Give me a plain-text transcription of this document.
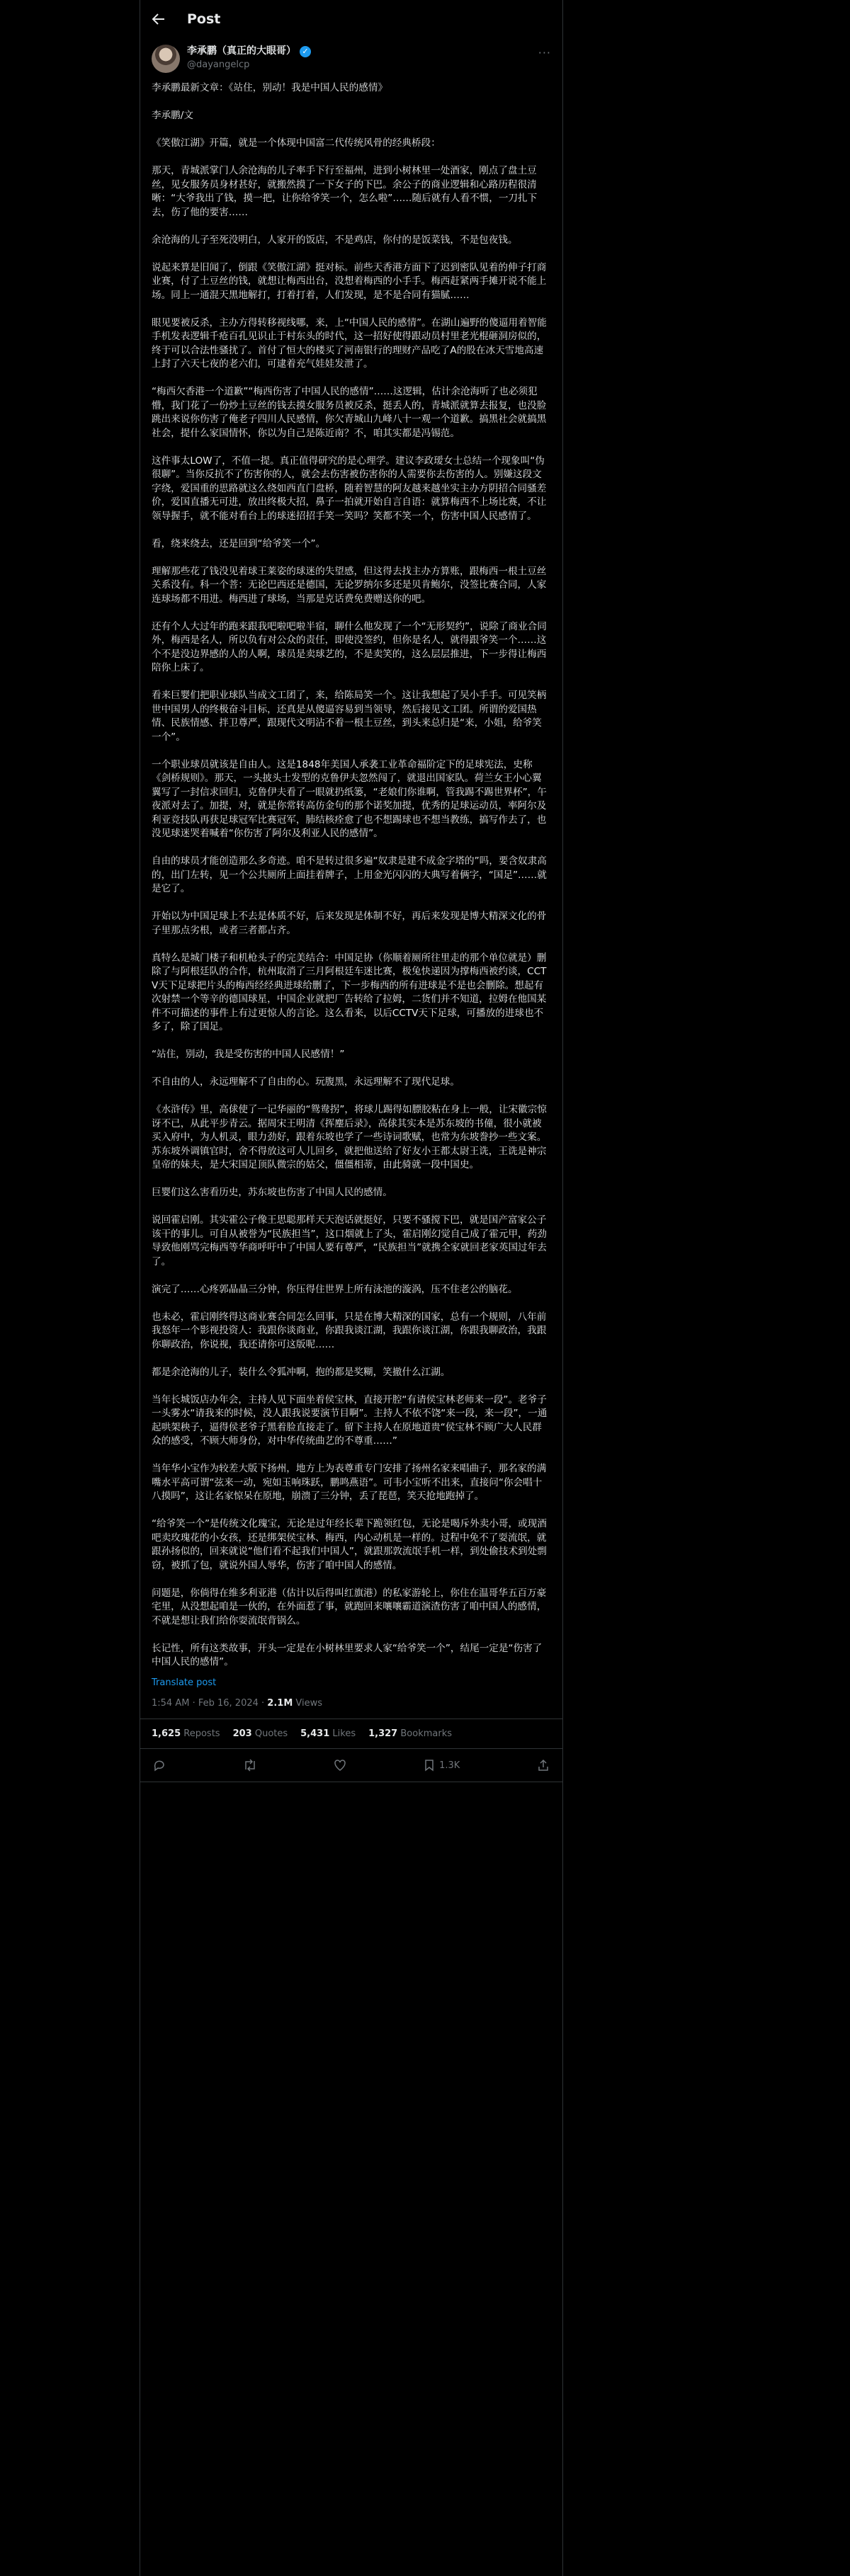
Post
李承鹏（真正的大眼哥） ✓
@dayangelcp
···
李承鹏最新文章：《站住，别动！我是中国人民的感情》
李承鹏/文
《笑傲江湖》开篇，就是一个体现中国富二代传统风骨的经典桥段：
那天，青城派掌门人余沧海的儿子率手下行至福州，进到小树林里一处酒家，刚点了盘土豆丝，见女服务员身材甚好，就搬然摸了一下女子的下巴。余公子的商业逻辑和心路历程很清晰：“大爷我出了钱，摸一把，让你给爷笑一个，怎么啦”……随后就有人看不惯，一刀扎下去，伤了他的要害……
余沧海的儿子至死没明白，人家开的饭店，不是鸡店，你付的是饭菜钱，不是包夜钱。
说起来算是旧闻了，倒跟《笑傲江湖》挺对标。前些天香港方面下了迟到密队见着的伸子打商业赛，付了土豆丝的钱，就想让梅西出台，没想着梅西的小手手。梅西赶紧两手摊开说不能上场。同上一通混天黑地解打，打着打着，人们发现，是不是合同有猫腻……
眼见要被反杀，主办方得转移视线哪，来，上“中国人民的感情”。在湖山遍野的傻逼用着智能手机发表逻辑千疮百孔见识止于村东头的时代，这一招好使得跟动员村里老光棍砸洞房似的，终于可以合法性骚扰了。首付了恒大的楼买了河南银行的理财产品吃了A的股在冰天雪地高速上封了六天七夜的老六们，可逮着充气娃娃发泄了。
“梅西欠香港一个道歉”“梅西伤害了中国人民的感情”……这逻辑，估计余沧海听了也必须犯懵，我门花了一份炒土豆丝的钱去摸女服务员被反杀，挺丢人的，青城派就算去报复，也没脸跳出来说你伤害了俺老子四川人民感情，你欠青城山九峰八十一观一个道歉。搞黑社会就搞黑社会，提什么家国情怀，你以为自己是陈近南？不，咱其实都是冯锡范。
这件事太LOW了，不值一提。真正值得研究的是心理学。建议李政瑷女士总结一个现象叫“伪很聊”。当你反抗不了伤害你的人，就会去伤害被伤害你的人需要你去伤害的人。别嫌这段文字绕，爱国重的思路就这么绕如西直门盘桥，随着智慧的阿友越来越坐实主办方阴招合同骚差价，爱国直播无可进，放出终极大招，鼻子一拍就开始自言自语：就算梅西不上场比赛，不让领导握手，就不能对看台上的球迷招招手笑一笑吗？笑都不笑一个，伤害中国人民感情了。
看，绕来绕去，还是回到“给爷笑一个”。
理解那些花了钱没见着球王莱姿的球迷的失望感，但这得去找主办方算账，跟梅西一根土豆丝关系没有。科一个菩：无论巴西还是德国，无论罗纳尔多还是贝肯鲍尔，没签比赛合同，人家连球场都不用进。梅西进了球场，当那是克话费免费赠送你的吧。
还有个人大过年的跑来跟我吧啦吧啦半宿，聊什么他发现了一个“无形契约”，说除了商业合同外，梅西是名人，所以负有对公众的责任，即使没签约，但你是名人，就得跟爷笑一个……这个不是没边界感的人的人啊，球员是卖球艺的，不是卖笑的，这么层层推进，下一步得让梅西陪你上床了。
看来巨婴们把职业球队当成文工团了，来，给陈局笑一个。这让我想起了吴小手手。可见笑柄世中国男人的终极奋斗目标，还真是从傻逼容易到当领导，然后接见文工团。所谓的爱国热情、民族情感、拌卫尊严，跟现代文明沾不着一根土豆丝，到头来总归是“来，小姐，给爷笑一个”。
一个职业球员就该是自由人。这是1848年美国人承袭工业革命福阶定下的足球宪法，史称《剑桥规则》。那天，一头披头士发型的克鲁伊夫忽然闯了，就退出国家队。荷兰女王小心翼翼写了一封信求回归，克鲁伊夫看了一眼就扔纸篓，“老娘们你谁啊，管我踢不踢世界杯”，午夜派对去了。加提，对，就是你常转高仿金句的那个诺奖加提，优秀的足球运动员，率阿尔及利亚竞技队再获足球冠军比赛冠军，肺结核痊愈了也不想踢球也不想当教练，搞写作去了，也没见球迷哭着喊着“你伤害了阿尔及利亚人民的感情”。
自由的球员才能创造那么多奇迹。咱不是转过很多遍“奴隶是建不成金字塔的”吗，要含奴隶高的，出门左转，见一个公共厕所上面挂着牌子，上用金光闪闪的大典写着俩字，“国足”……就是它了。
开始以为中国足球上不去是体质不好，后来发现是体制不好，再后来发现是博大精深文化的骨子里那点劣根，或者三者都占齐。
真特么是城门楼子和机枪头子的完美结合：中国足协（你顺着厕所往里走的那个单位就是）删除了与阿根廷队的合作，杭州取消了三月阿根廷车迷比赛，极兔快递因为撑梅西被约谈，CCTV天下足球把片头的梅西经经典进球给删了，下一步梅西的所有进球是不是也会删除。想起有次射禁一个等辛的德国球星，中国企业就把厂告转给了拉姆，二货们并不知道，拉姆在他国某件不可描述的事件上有过更惊人的言论。这么看来，以后CCTV天下足球，可播放的进球也不多了，除了国足。
“站住，别动，我是受伤害的中国人民感情！”
不自由的人，永远理解不了自由的心。玩腹黑，永远理解不了现代足球。
《水浒传》里，高俅使了一记华丽的“鸳鸯拐”，将球儿踢得如膘胶粘在身上一般，让宋徽宗惊讶不已，从此平步青云。据周宋王明清《挥麈后录》，高俅其实本是苏东坡的书僮，很小就被买入府中，为人机灵，眼力劲好，跟着东坡也学了一些诗词歌赋，也常为东坡誊抄一些文案。苏东坡外调镇官时，舍不得放这可人儿回乡，就把他送给了好友小王都太尉王诜，王诜是神宗皇帝的妹夫，是大宋国足顶队微宗的姑父，僵僵相蒂，由此骑就一段中国史。
巨婴们这么害看历史，苏东坡也伤害了中国人民的感情。
说回霍启刚。其实霍公子像王思聪那样天天泡话就挺好，只要不骚搅下巴，就是国产富家公子该干的事儿。可自从被誉为“民族担当”，这口烟就上了头，霍启刚幻觉自己成了霍元甲，药劲导致他刚骂完梅西等华商呼吁中了中国人要有尊严，“民族担当”就携全家就回老家英国过年去了。
演完了……心疼郭晶晶三分钟，你压得住世界上所有泳池的漩涡，压不住老公的脑花。
也未必，霍启刚终得这商业赛合同怎么回事，只是在博大精深的国家，总有一个规则，八年前我怒年一个影视投资人：我跟你谈商业，你跟我谈江湖，我跟你谈江湖，你跟我聊政治，我跟你聊政治，你说视，我还请你可这版呢……
都是余沧海的儿子，装什么令狐冲啊，抱的都是奖糊，笑撤什么江湖。
当年长城饭店办年会，主持人见下面坐着侯宝林，直接开腔“有请侯宝林老师来一段”。老爷子一头雾水“请我来的时候，没人跟我说要演节目啊”。主持人不依不饶“来一段，来一段”，一通起哄架秧子，逼得侯老爷子黑着脸直接走了。留下主持人在原地道贵“侯宝林不顾广大人民群众的感受，不顾大师身份，对中华传统曲艺的不尊重……”
当年华小宝作为较差大版下扬州，地方上为表尊重专门安排了扬州名家来唱曲子，那名家的满嘴水平高可谓“弦来一动，宛如玉响珠跃，鹏鸣燕语”。可韦小宝听不出来，直接问“你会唱十八摸吗”，这让名家惊呆在原地，崩溃了三分钟，丢了琵琶，笑天抢地跑掉了。
“给爷笑一个”是传统文化瑰宝，无论是过年经长辈下跪领红包，无论是喝斥外卖小哥，或现酒吧卖玫瑰花的小女孩，还是绑架侯宝林、梅西，内心动机是一样的。过程中免不了耍流氓，就跟孙扬似的，回来就说“他们看不起我们中国人”，就跟那敦流氓手机一样，到处偷技术到处剽窃，被抓了包，就说外国人辱华，伤害了咱中国人的感情。
问题是，你倘得在维多利亚港（估计以后得叫红旗港）的私家游轮上，你住在温哥华五百万豪宅里，从没想起咱是一伙的，在外面惹了事，就跑回来嚷嚷霸道演渣伤害了咱中国人的感情，不就是想让我们给你耍流氓背锅么。
长记性，所有这类故事，开头一定是在小树林里要求人家“给爷笑一个”，结尾一定是“伤害了中国人民的感情”。
Translate post
1:54 AM · Feb 16, 2024 · 2.1M Views
1,625 Reposts 203 Quotes 5,431 Likes 1,327 Bookmarks
1.3K
